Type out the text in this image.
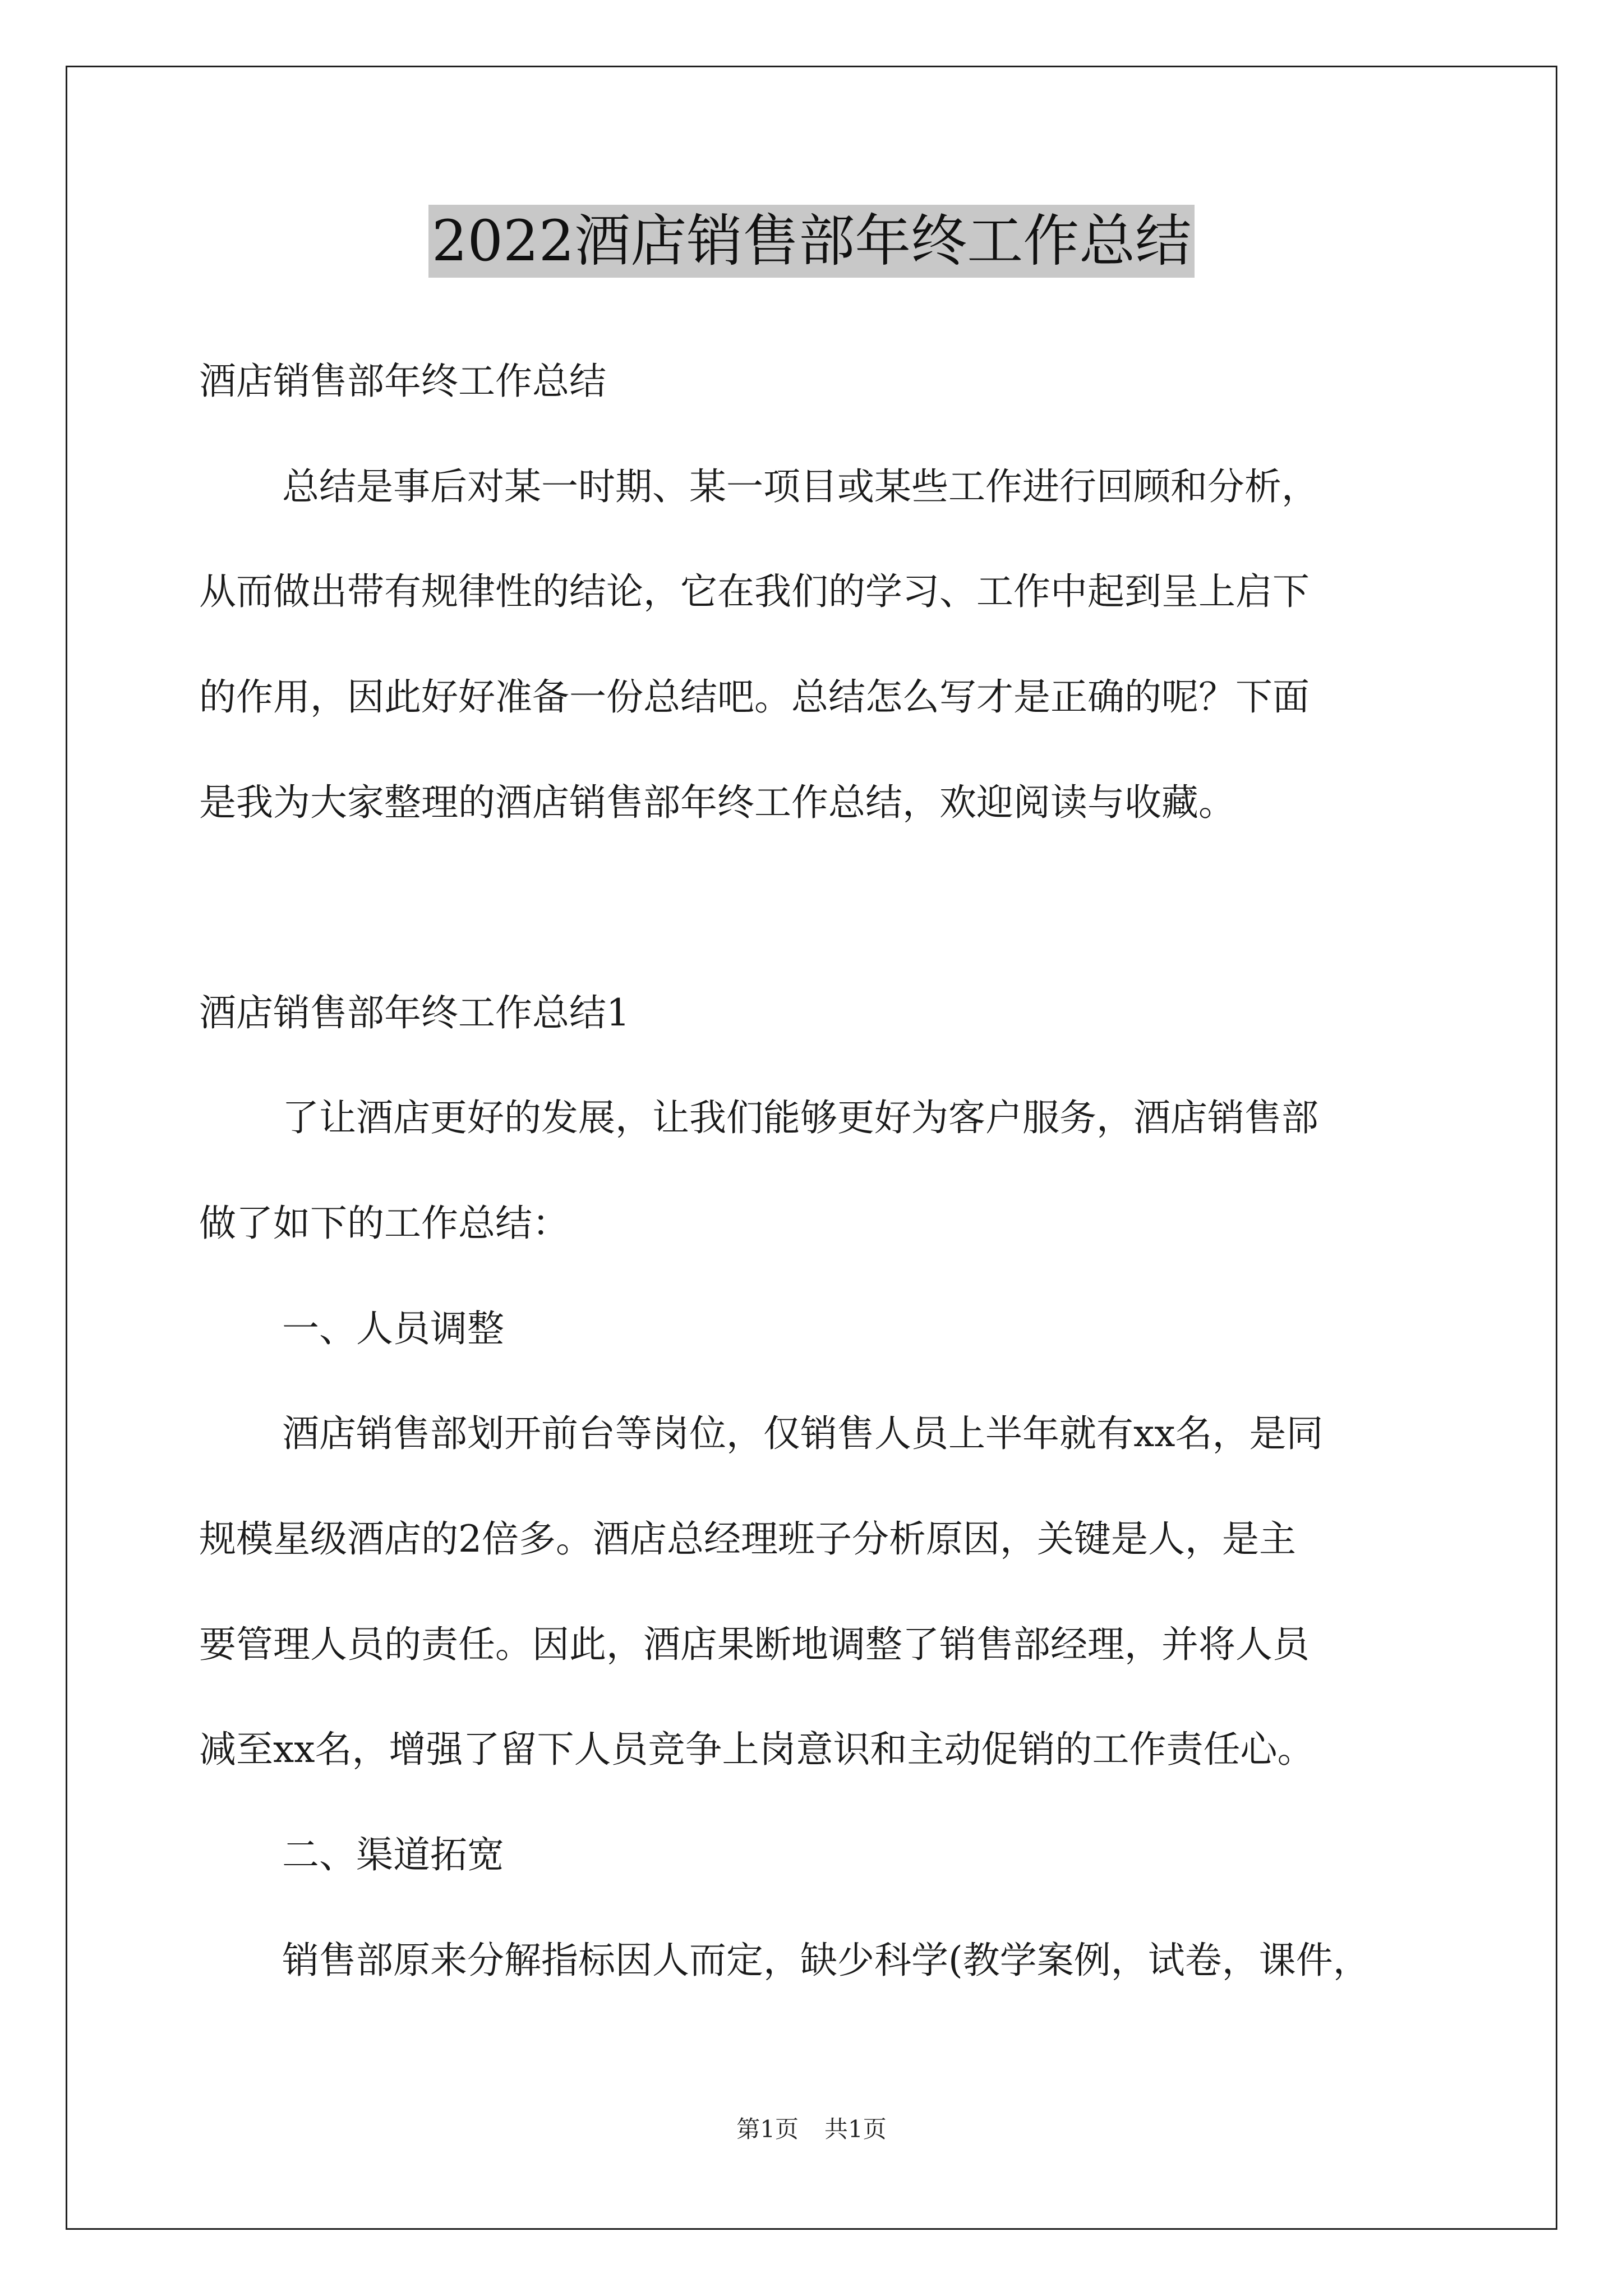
2022酒店销售部年终工作总结
酒店销售部年终工作总结
总结是事后对某一时期、某一项目或某些工作进行回顾和分析，
从而做出带有规律性的结论，它在我们的学习、工作中起到呈上启下
的作用，因此好好准备一份总结吧。总结怎么写才是正确的呢？下面
是我为大家整理的酒店销售部年终工作总结，欢迎阅读与收藏。
酒店销售部年终工作总结1
了让酒店更好的发展，让我们能够更好为客户服务，酒店销售部
做了如下的工作总结：
一、人员调整
酒店销售部划开前台等岗位，仅销售人员上半年就有xx名，是同
规模星级酒店的2倍多。酒店总经理班子分析原因，关键是人，是主
要管理人员的责任。因此，酒店果断地调整了销售部经理，并将人员
减至xx名，增强了留下人员竞争上岗意识和主动促销的工作责任心。
二、渠道拓宽
销售部原来分解指标因人而定，缺少科学(教学案例，试卷，课件，
第1页 共1页
